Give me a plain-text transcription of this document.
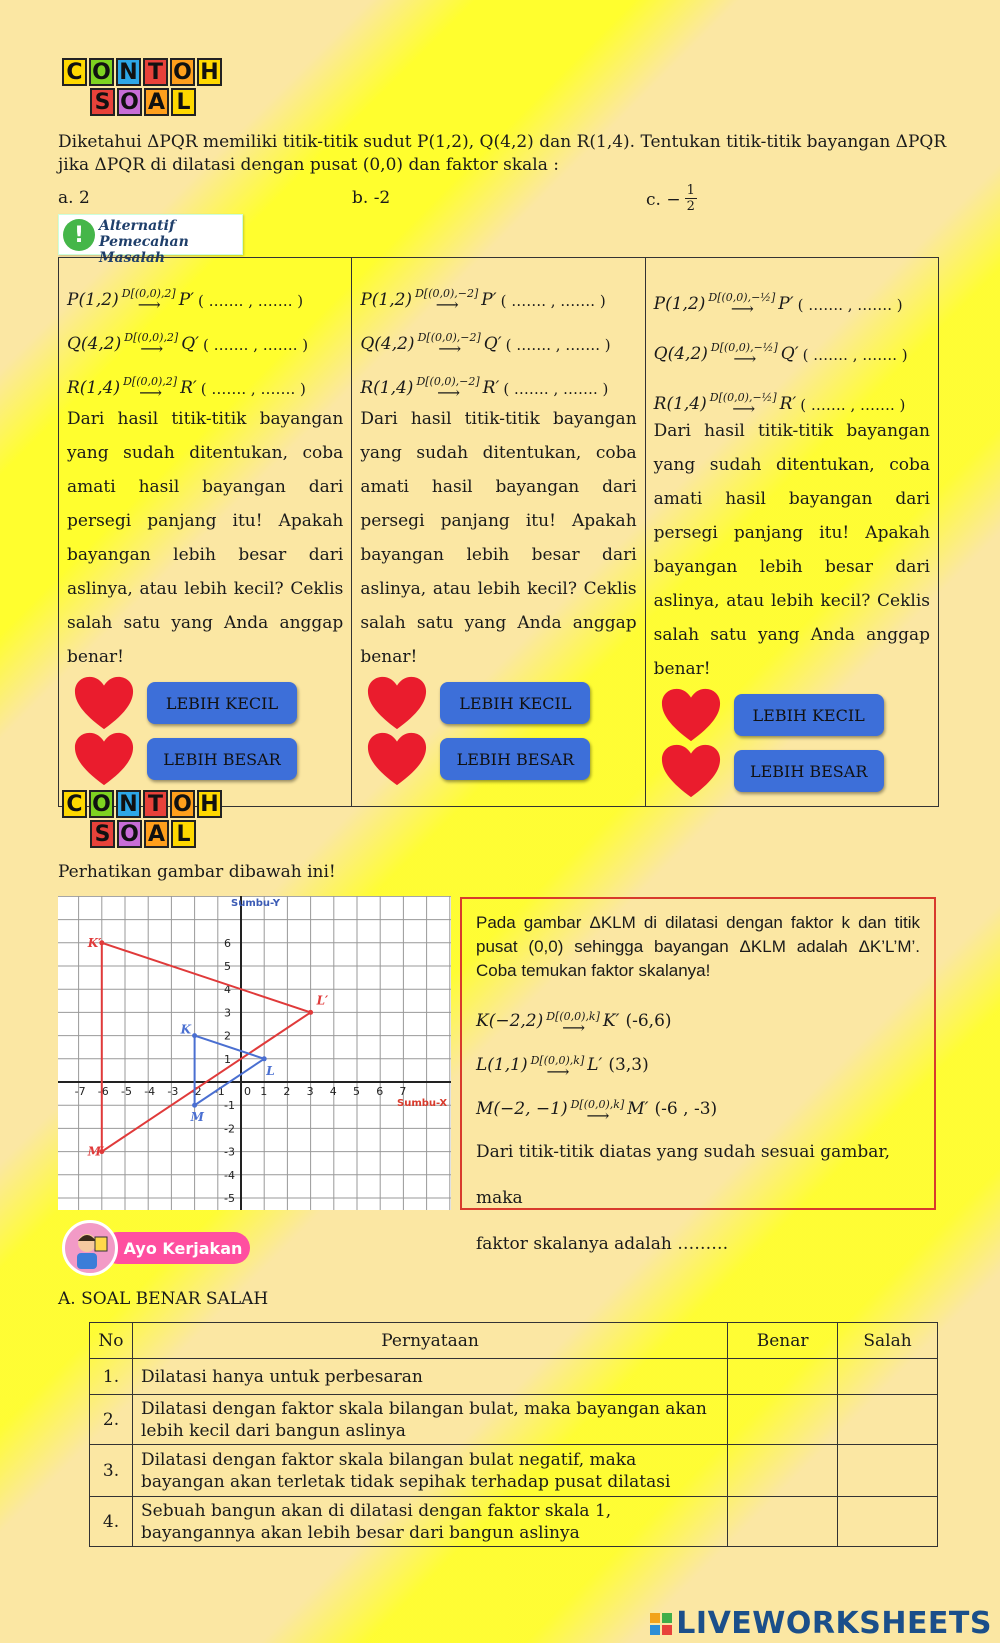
C O N T O H
S O A L
Diketahui ΔPQR memiliki titik-titik sudut P(1,2), Q(4,2) dan R(1,4). Tentukan titik-titik bayangan ΔPQR
jika ΔPQR di dilatasi dengan pusat (0,0) dan faktor skala :
a. 2	b. -2	c. − $\frac{1}{2}$
!	Alternatif
Pemecahan Masalah
P(1,2) D[(0,0),2]
⟶ P′ ( ……. , ……. )
Q(4,2) D[(0,0),2]
⟶ Q′ ( ……. , ……. )
R(1,4) D[(0,0),2]
⟶ R′ ( ……. , ……. )
Dari hasil titik-titik bayangan yang sudah ditentukan, coba amati hasil bayangan dari persegi panjang itu! Apakah bayangan lebih besar dari aslinya, atau lebih kecil? Ceklis salah satu yang Anda anggap benar!
LEBIH KECIL
LEBIH BESAR

P(1,2) D[(0,0),−2]
⟶ P′ ( ……. , ……. )
Q(4,2) D[(0,0),−2]
⟶ Q′ ( ……. , ……. )
R(1,4) D[(0,0),−2]
⟶ R′ ( ……. , ……. )
Dari hasil titik-titik bayangan yang sudah ditentukan, coba amati hasil bayangan dari persegi panjang itu! Apakah bayangan lebih besar dari aslinya, atau lebih kecil? Ceklis salah satu yang Anda anggap benar!
LEBIH KECIL
LEBIH BESAR

P(1,2) D[(0,0),−½]
⟶ P′ ( ……. , ……. )
Q(4,2) D[(0,0),−½]
⟶ Q′ ( ……. , ……. )
R(1,4) D[(0,0),−½]
⟶ R′ ( ……. , ……. )
Dari hasil titik-titik bayangan yang sudah ditentukan, coba amati hasil bayangan dari persegi panjang itu! Apakah bayangan lebih besar dari aslinya, atau lebih kecil? Ceklis salah satu yang Anda anggap benar!
LEBIH KECIL
LEBIH BESAR
C O N T O H
S O A L
Perhatikan gambar dibawah ini!
-7 -6 -5 -4 -3 -2 -1 0 1 2 3 4 5 6 7
6
5
4
3
2
1
-1
-2
-3
-4
-5
Sumbu-Y
Sumbu-X
K′
L′
M′
K
L
M
Pada gambar ΔKLM di dilatasi dengan faktor k dan titik pusat (0,0) sehingga bayangan ΔKLM adalah ΔK’L’M’. Coba temukan faktor skalanya!
K(−2,2) D[(0,0),k]
⟶ K′ (-6,6)
L(1,1) D[(0,0),k]
⟶ L′ (3,3)
M(−2, −1) D[(0,0),k]
⟶ M′ (-6 , -3)
Dari titik-titik diatas yang sudah sesuai gambar, maka
faktor skalanya adalah ………
Ayo Kerjakan
A. SOAL BENAR SALAH
No	Pernyataan	Benar	Salah
1.	Dilatasi hanya untuk perbesaran		
2.	Dilatasi dengan faktor skala bilangan bulat, maka bayangan akan lebih kecil dari bangun aslinya		
3.	Dilatasi dengan faktor skala bilangan bulat negatif, maka bayangan akan terletak tidak sepihak terhadap pusat dilatasi		
4.	Sebuah bangun akan di dilatasi dengan faktor skala 1, bayangannya akan lebih besar dari bangun aslinya		
LIVEWORKSHEETS
